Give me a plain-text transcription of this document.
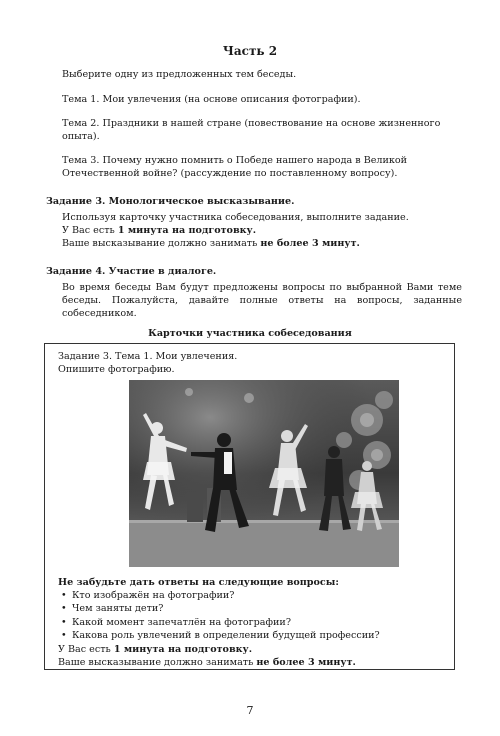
Часть 2
Выберите одну из предложенных тем беседы.
Тема 1. Мои увлечения (на основе описания фотографии).
Тема 2. Праздники в нашей стране (повествование на основе жизненного опыта).
Тема 3. Почему нужно помнить о Победе нашего народа в Великой Отечественной войне? (рассуждение по поставленному вопросу).
Задание 3. Монологическое высказывание.
Используя карточку участника собеседования, выполните задание.
У Вас есть 1 минута на подготовку.
Ваше высказывание должно занимать не более 3 минут.
Задание 4. Участие в диалоге.
Во время беседы Вам будут предложены вопросы по выбранной Вами теме беседы. Пожалуйста, давайте полные ответы на вопросы, заданные собеседником.
Карточки участника собеседования
Задание 3. Тема 1. Мои увлечения.
Опишите фотографию.
Не забудьте дать ответы на следующие вопросы:
• Кто изображён на фотографии?
• Чем заняты дети?
• Какой момент запечатлён на фотографии?
• Какова роль увлечений в определении будущей профессии?
У Вас есть 1 минута на подготовку.
Ваше высказывание должно занимать не более 3 минут.
7
